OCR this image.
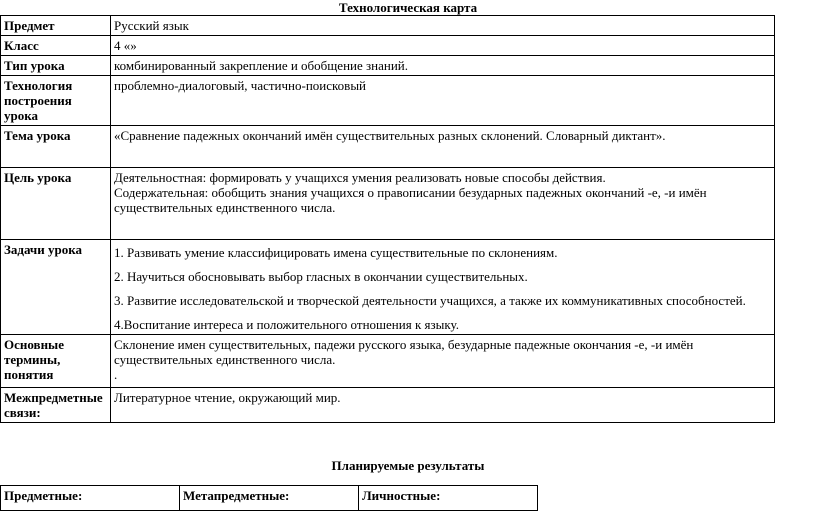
Технологическая карта
Предмет	Русский язык
Класс	4 «»
Тип урока	комбинированный закрепление и обобщение знаний.
Технология построения урока	проблемно-диалоговый, частично-поисковый
Тема урока	«Сравнение падежных окончаний имён существительных разных склонений. Словарный диктант».
Цель урока	Деятельностная: формировать у учащихся умения реализовать новые способы действия.
Содержательная: обобщить знания учащихся о правописании безударных падежных окончаний -е, -и имён существительных единственного числа.

Задачи урока	1. Развивать умение классифицировать имена существительные по склонениям.
2. Научиться обосновывать выбор гласных в окончании существительных.
3. Развитие исследовательской и творческой деятельности учащихся, а также их коммуникативных способностей.
4.Воспитание интереса и положительного отношения к языку.

Основные термины, понятия	Склонение имен существительных, падежи русского языка, безударные падежные окончания -е, -и имён существительных единственного числа.
.

Межпредметные связи:	Литературное чтение, окружающий мир.
Планируемые результаты
Предметные:	Метапредметные:	Личностные:
